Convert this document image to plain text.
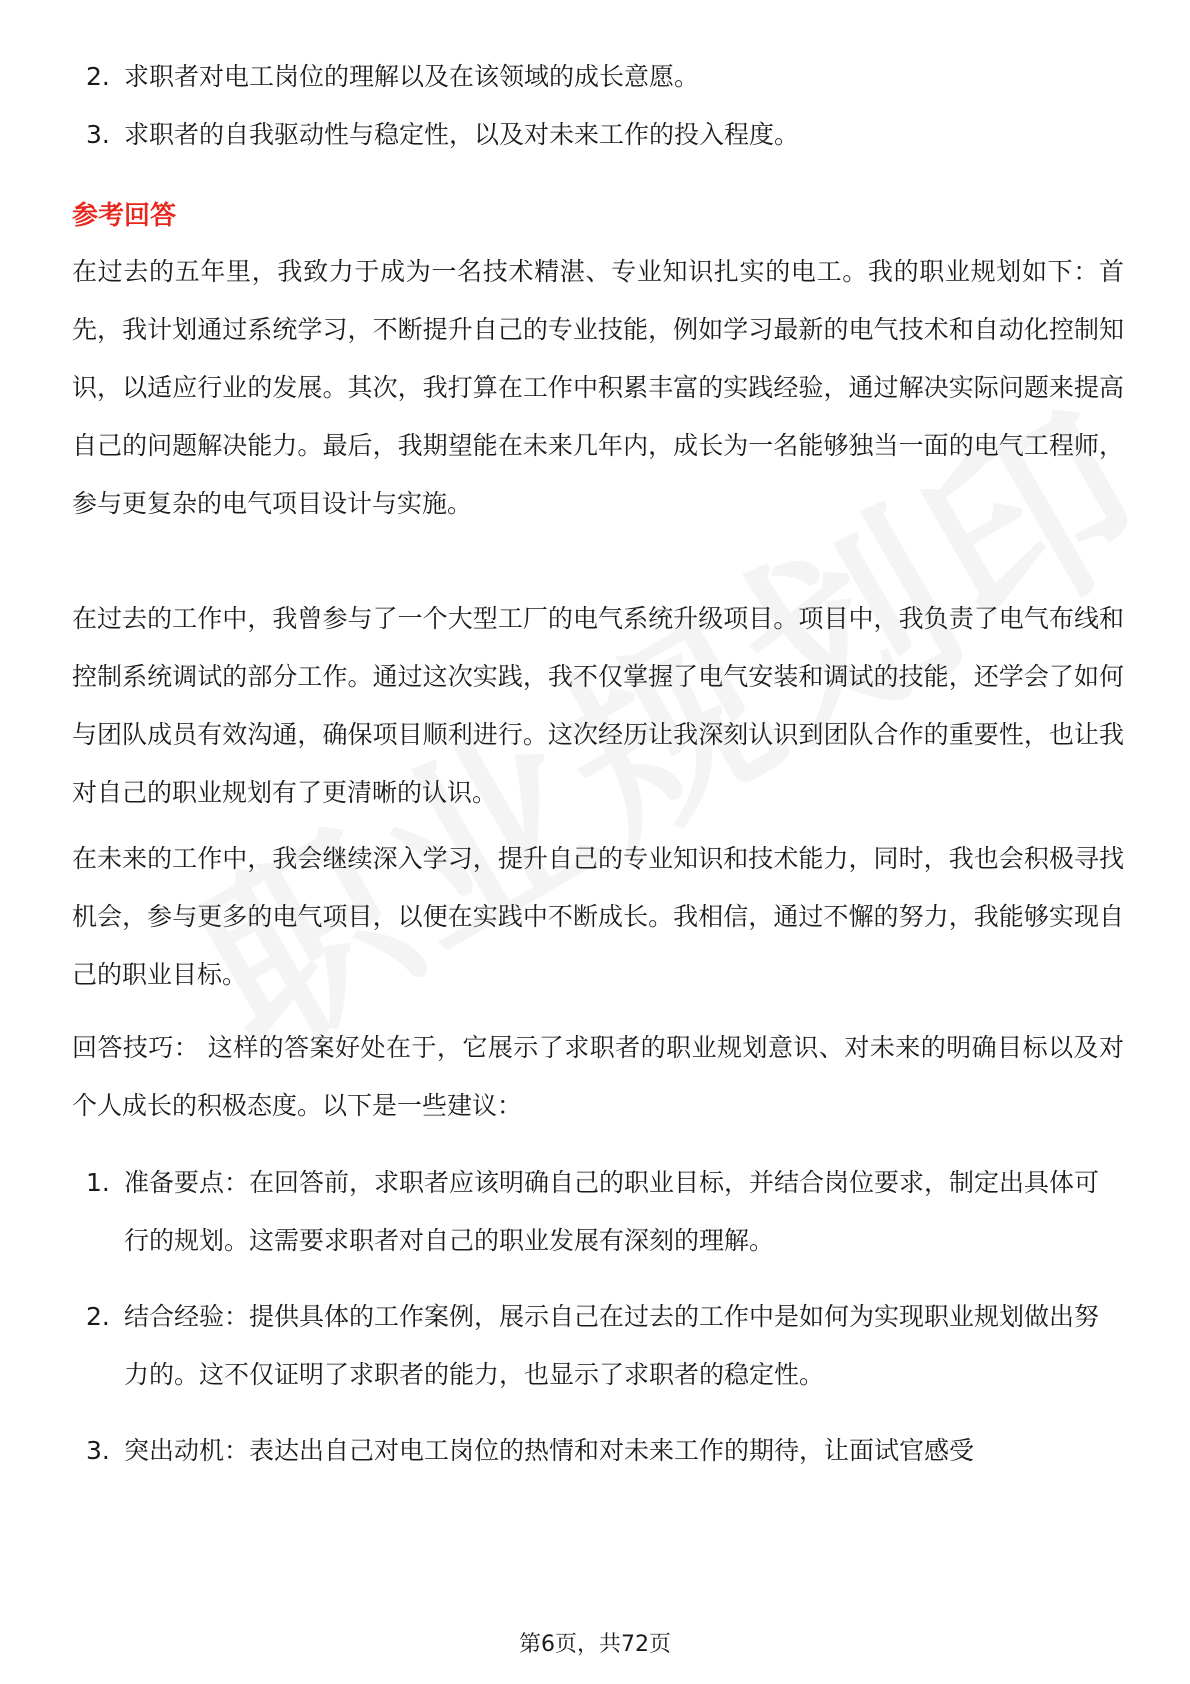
2. 求职者对电工岗位的理解以及在该领域的成长意愿。
3. 求职者的自我驱动性与稳定性，以及对未来工作的投入程度。
参考回答
在过去的五年里，我致力于成为一名技术精湛、专业知识扎实的电工。我的职业规划如下：首先，我计划通过系统学习，不断提升自己的专业技能，例如学习最新的电气技术和自动化控制知识，以适应行业的发展。其次，我打算在工作中积累丰富的实践经验，通过解决实际问题来提高自己的问题解决能力。最后，我期望能在未来几年内，成长为一名能够独当一面的电气工程师，参与更复杂的电气项目设计与实施。
在过去的工作中，我曾参与了一个大型工厂的电气系统升级项目。项目中，我负责了电气布线和控制系统调试的部分工作。通过这次实践，我不仅掌握了电气安装和调试的技能，还学会了如何与团队成员有效沟通，确保项目顺利进行。这次经历让我深刻认识到团队合作的重要性，也让我对自己的职业规划有了更清晰的认识。
在未来的工作中，我会继续深入学习，提升自己的专业知识和技术能力，同时，我也会积极寻找机会，参与更多的电气项目，以便在实践中不断成长。我相信，通过不懈的努力，我能够实现自己的职业目标。
回答技巧： 这样的答案好处在于，它展示了求职者的职业规划意识、对未来的明确目标以及对个人成长的积极态度。以下是一些建议：
1. 准备要点：在回答前，求职者应该明确自己的职业目标，并结合岗位要求，制定出具体可行的规划。这需要求职者对自己的职业发展有深刻的理解。
2. 结合经验：提供具体的工作案例，展示自己在过去的工作中是如何为实现职业规划做出努力的。这不仅证明了求职者的能力，也显示了求职者的稳定性。
3. 突出动机：表达出自己对电工岗位的热情和对未来工作的期待，让面试官感受
第6页，共72页
